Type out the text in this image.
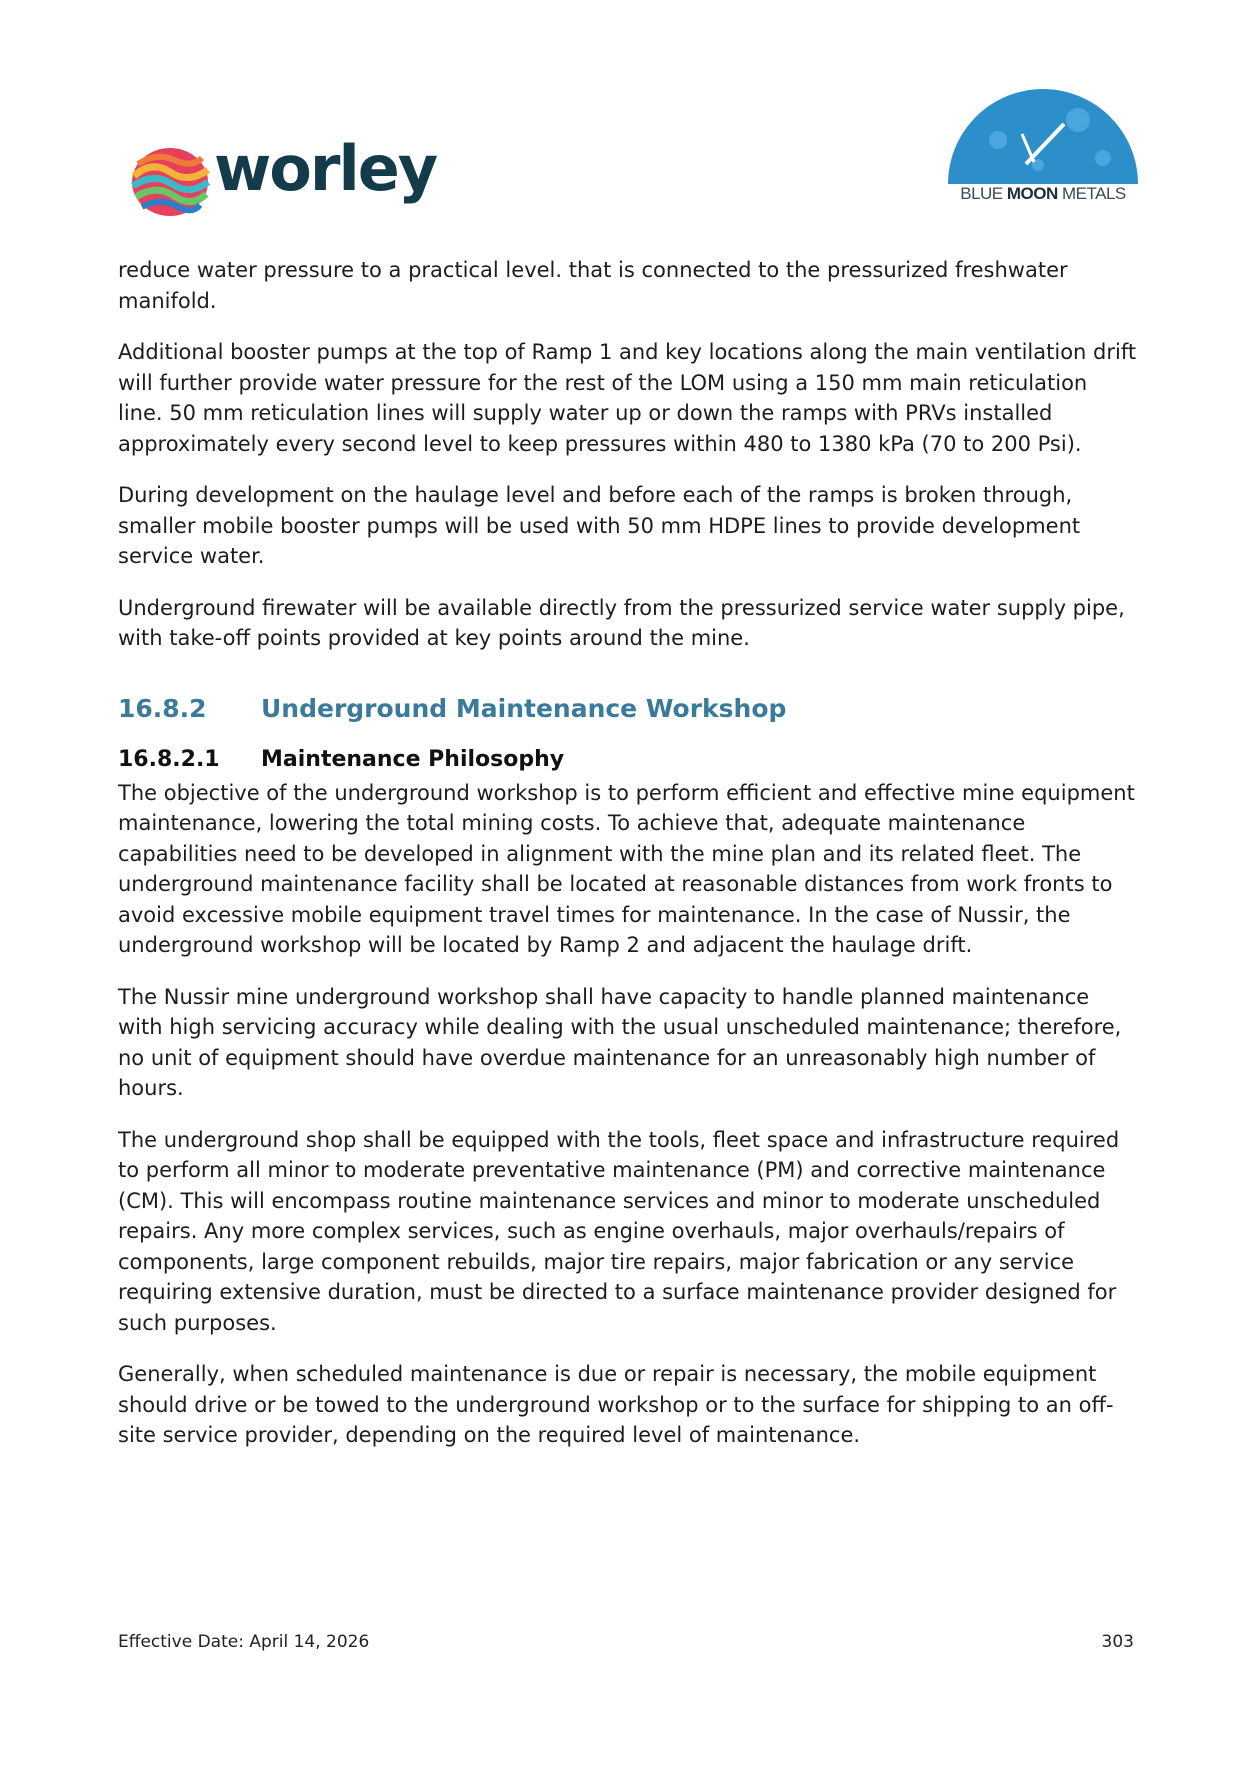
worley	BLUE MOON METALS

reduce water pressure to a practical level. that is connected to the pressurized freshwater manifold.

Additional booster pumps at the top of Ramp 1 and key locations along the main ventilation drift will further provide water pressure for the rest of the LOM using a 150 mm main reticulation line. 50 mm reticulation lines will supply water up or down the ramps with PRVs installed approximately every second level to keep pressures within 480 to 1380 kPa (70 to 200 Psi).

During development on the haulage level and before each of the ramps is broken through, smaller mobile booster pumps will be used with 50 mm HDPE lines to provide development service water.

Underground firewater will be available directly from the pressurized service water supply pipe, with take-off points provided at key points around the mine.

16.8.2	Underground Maintenance Workshop
16.8.2.1	Maintenance Philosophy

The objective of the underground workshop is to perform efficient and effective mine equipment maintenance, lowering the total mining costs. To achieve that, adequate maintenance capabilities need to be developed in alignment with the mine plan and its related fleet. The underground maintenance facility shall be located at reasonable distances from work fronts to avoid excessive mobile equipment travel times for maintenance. In the case of Nussir, the underground workshop will be located by Ramp 2 and adjacent the haulage drift.

The Nussir mine underground workshop shall have capacity to handle planned maintenance with high servicing accuracy while dealing with the usual unscheduled maintenance; therefore, no unit of equipment should have overdue maintenance for an unreasonably high number of hours.

The underground shop shall be equipped with the tools, fleet space and infrastructure required to perform all minor to moderate preventative maintenance (PM) and corrective maintenance (CM). This will encompass routine maintenance services and minor to moderate unscheduled repairs. Any more complex services, such as engine overhauls, major overhauls/repairs of components, large component rebuilds, major tire repairs, major fabrication or any service requiring extensive duration, must be directed to a surface maintenance provider designed for such purposes.

Generally, when scheduled maintenance is due or repair is necessary, the mobile equipment should drive or be towed to the underground workshop or to the surface for shipping to an off-site service provider, depending on the required level of maintenance.

Effective Date: April 14, 2026	303
